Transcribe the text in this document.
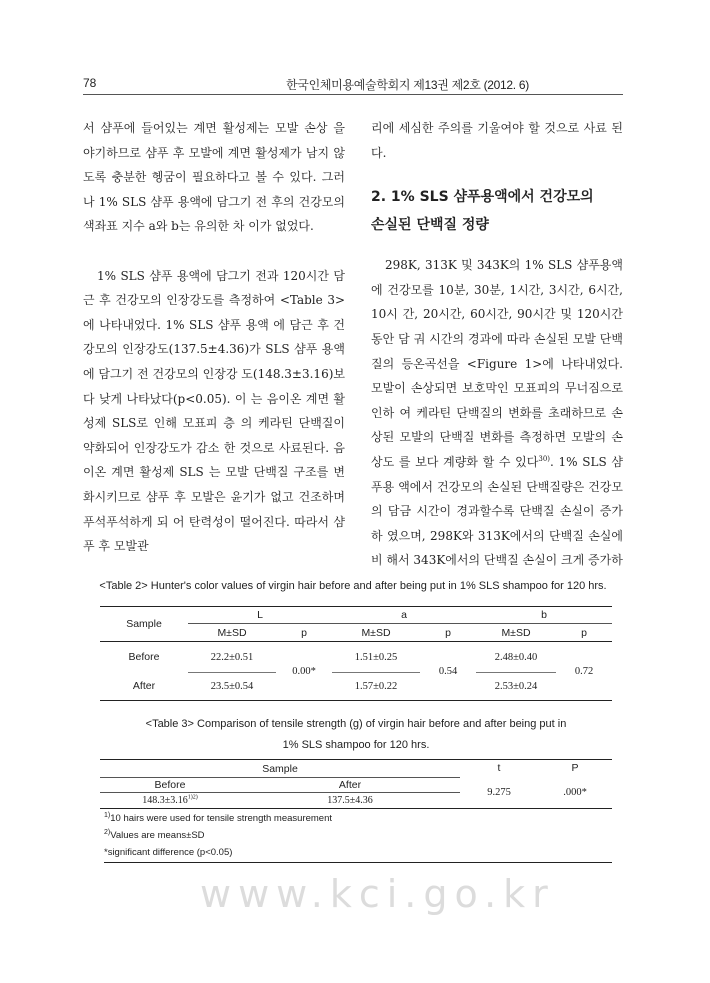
78	한국인체미용예술학회지 제13권 제2호 (2012. 6)

서 샴푸에 들어있는 계면 활성제는 모발 손상 을 야기하므로 샴푸 후 모발에 계면 활성제가 남지 않도록 충분한 헹굼이 필요하다고 볼 수 있다. 그러나 1% SLS 샴푸 용액에 담그기 전 후의 건강모의 색좌표 지수 a와 b는 유의한 차 이가 없었다.

1% SLS 샴푸 용액에 담그기 전과 120시간 담근 후 건강모의 인장강도를 측정하여 <Table 3>에 나타내었다. 1% SLS 샴푸 용액 에 담근 후 건강모의 인장강도(137.5±4.36)가 SLS 샴푸 용액에 담그기 전 건강모의 인장강 도(148.3±3.16)보다 낮게 나타났다(p<0.05). 이 는 음이온 계면 활성제 SLS로 인해 모표피 층 의 케라틴 단백질이 약화되어 인장강도가 감소 한 것으로 사료된다. 음이온 계면 활성제 SLS 는 모발 단백질 구조를 변화시키므로 샴푸 후 모발은 윤기가 없고 건조하며 푸석푸석하게 되 어 탄력성이 떨어진다. 따라서 샴푸 후 모발관

리에 세심한 주의를 기울여야 할 것으로 사료 된다.

2. 1% SLS 샴푸용액에서 건강모의
손실된 단백질 정량

298K, 313K 및 343K의 1% SLS 샴푸용액에 건강모를 10분, 30분, 1시간, 3시간, 6시간, 10시 간, 20시간, 60시간, 90시간 및 120시간 동안 담 궈 시간의 경과에 따라 손실된 모발 단백질의 등온곡선을 <Figure 1>에 나타내었다. 모발이 손상되면 보호막인 모표피의 무너짐으로 인하 여 케라틴 단백질의 변화를 초래하므로 손상된 모발의 단백질 변화를 측정하면 모발의 손상도 를 보다 계량화 할 수 있다$^{30)}$. 1% SLS 샴푸용 액에서 건강모의 손실된 단백질량은 건강모의 담금 시간이 경과할수록 단백질 손실이 증가하 였으며, 298K와 313K에서의 단백질 손실에 비 해서 343K에서의 단백질 손실이 크게 증가하

<Table 2> Hunter's color values of virgin hair before and after being put in 1% SLS shampoo for 120 hrs.
Sample	L		a		b	
	M±SD	p	M±SD	p	M±SD	p
Before	22.2±0.51	0.00*	1.51±0.25	0.54	2.48±0.40	0.72
After	23.5±0.54		1.57±0.22		2.53±0.24	
<Table 3> Comparison of tensile strength (g) of virgin hair before and after being put in
1% SLS shampoo for 120 hrs.
Sample		t	P
Before	After		
$148.3\pm 3.16^{1)2)}$	137.5±4.36	9.275	.000*
$^{1)}$10 hairs were used for tensile strength measurement
$^{2)}$Values are means±SD
*significant difference (p<0.05)
www.kci.go.kr
